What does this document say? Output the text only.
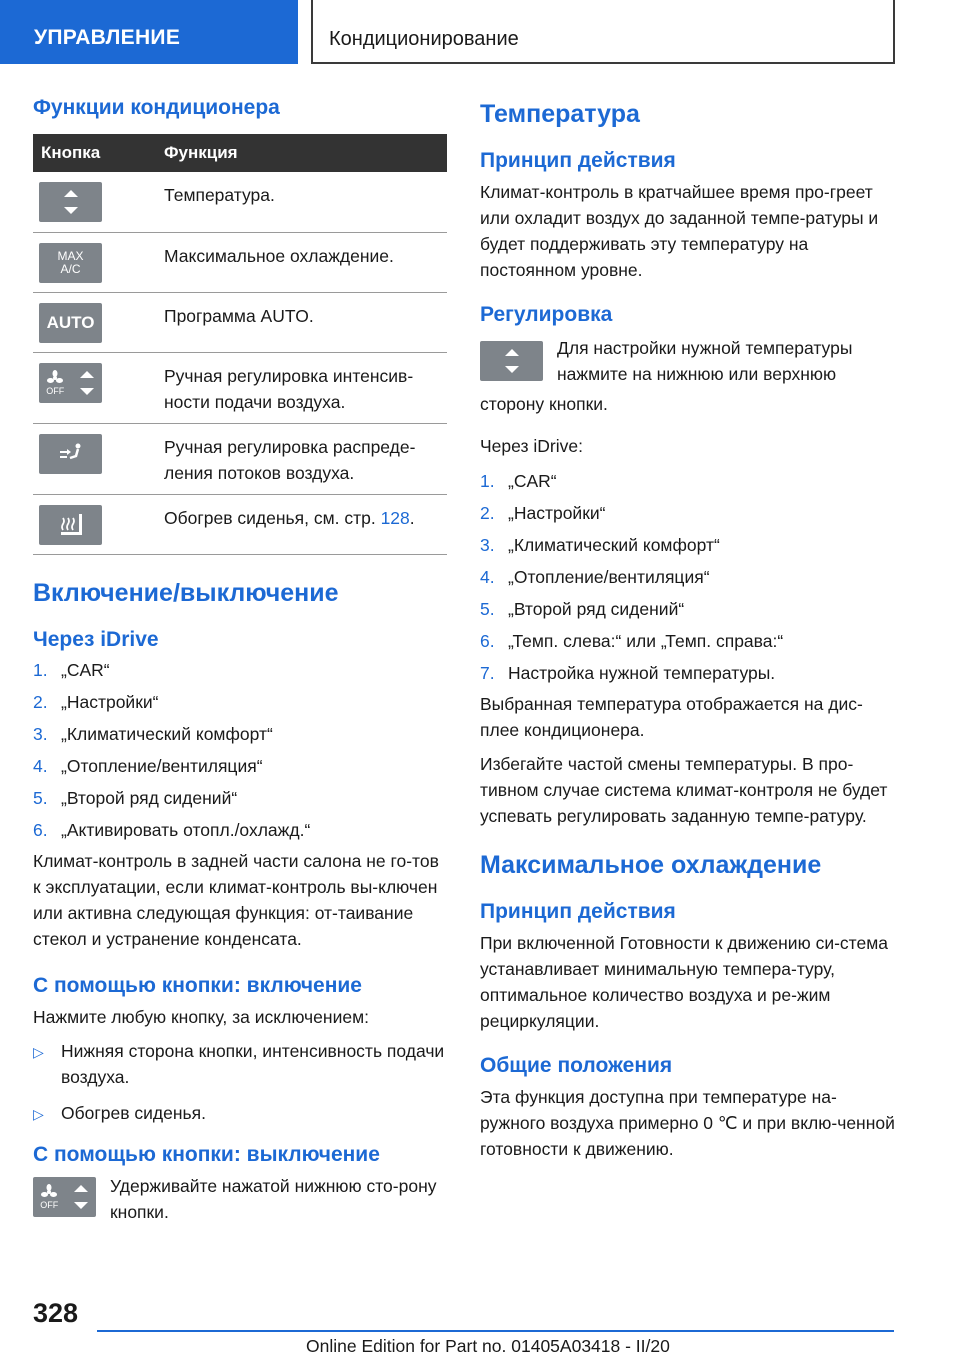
УПРАВЛЕНИЕ	Кондиционирование
Функции кондиционера
Кнопка	Функция

	Температура.

MAX
A/C	Максимальное охлаждение.

AUTO	Программа AUTO.

OFF	Ручная регулировка интенсив-ности подачи воздуха.

	Ручная регулировка распреде-ления потоков воздуха.

	Обогрев сиденья, см. стр. 128.
Включение/выключение
Через iDrive
1. „CAR“
2. „Настройки“
3. „Климатический комфорт“
4. „Отопление/вентиляция“
5. „Второй ряд сидений“
6. „Активировать отопл./охлажд.“

Климат-контроль в задней части салона не го-тов к эксплуатации, если климат-контроль вы-ключен или активна следующая функция: от-таивание стекол и устранение конденсата.

С помощью кнопки: включение

Нажмите любую кнопку, за исключением:

▷ Нижняя сторона кнопки, интенсивность подачи воздуха.
▷ Обогрев сиденья.
С помощью кнопки: выключение
OFF

Удерживайте нажатой нижнюю сто-рону кнопки.

Температура
Принцип действия

Климат-контроль в кратчайшее время про-греет или охладит воздух до заданной темпе-ратуры и будет поддерживать эту температуру на постоянном уровне.

Регулировка

Для настройки нужной температуры нажмите на нижнюю или верхнюю

сторону кнопки.

Через iDrive:

1. „CAR“
2. „Настройки“
3. „Климатический комфорт“
4. „Отопление/вентиляция“
5. „Второй ряд сидений“
6. „Темп. слева:“ или „Темп. справа:“
7. Настройка нужной температуры.

Выбранная температура отображается на дис-плее кондиционера.

Избегайте частой смены температуры. В про-тивном случае система климат-контроля не будет успевать регулировать заданную темпе-ратуру.

Максимальное охлаждение
Принцип действия

При включенной Готовности к движению си-стема устанавливает минимальную темпера-туру, оптимальное количество воздуха и ре-жим рециркуляции.

Общие положения

Эта функция доступна при температуре на-ружного воздуха примерно 0 ℃ и при вклю-ченной готовности к движению.

328
Online Edition for Part no. 01405A03418 - II/20
